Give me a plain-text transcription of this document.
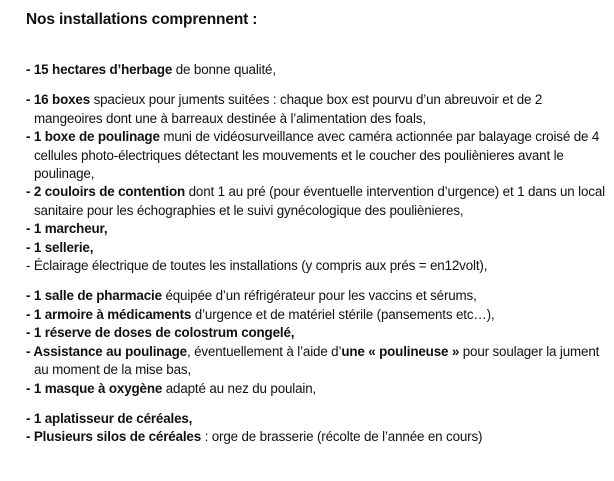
Nos installations comprennent :

- 15 hectares d’herbage de bonne qualité,

- 16 boxes spacieux pour juments suitées : chaque box est pourvu d’un abreuvoir et de 2 mangeoires dont une à barreaux destinée à l’alimentation des foals,

- 1 boxe de poulinage muni de vidéosurveillance avec caméra actionnée par balayage croisé de 4 cellules photo-électriques détectant les mouvements et le coucher des pouliènieres avant le poulinage,

- 2 couloirs de contention dont 1 au pré (pour éventuelle intervention d’urgence) et 1 dans un local sanitaire pour les échographies et le suivi gynécologique des pouliènieres,

- 1 marcheur,

- 1 sellerie,

- Éclairage électrique de toutes les installations (y compris aux prés = en12volt),

- 1 salle de pharmacie équipée d’un réfrigérateur pour les vaccins et sérums,

- 1 armoire à médicaments d’urgence et de matériel stérile (pansements etc…),

- 1 réserve de doses de colostrum congelé,

- Assistance au poulinage, éventuellement à l’aide d’une « poulineuse » pour soulager la jument au moment de la mise bas,

- 1 masque à oxygène adapté au nez du poulain,

- 1 aplatisseur de céréales,

- Plusieurs silos de céréales : orge de brasserie (récolte de l’année en cours)
